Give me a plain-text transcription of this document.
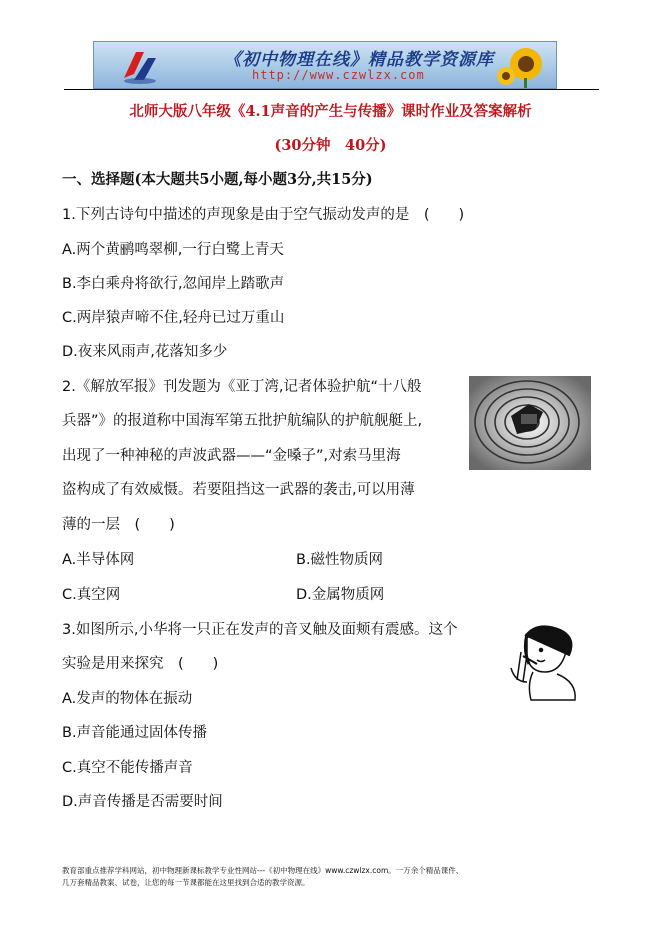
《初中物理在线》精品教学资源库
http://www.czwlzx.com
北师大版八年级《4.1声音的产生与传播》课时作业及答案解析
(30分钟　40分)
一、选择题(本大题共5小题,每小题3分,共15分)
1.下列古诗句中描述的声现象是由于空气振动发声的是　(　　)
A.两个黄鹂鸣翠柳,一行白鹭上青天
B.李白乘舟将欲行,忽闻岸上踏歌声
C.两岸猿声啼不住,轻舟已过万重山
D.夜来风雨声,花落知多少
2.《解放军报》刊发题为《亚丁湾,记者体验护航“十八般
兵器”》的报道称中国海军第五批护航编队的护航舰艇上,
出现了一种神秘的声波武器——“金嗓子”,对索马里海
盗构成了有效威慑。若要阻挡这一武器的袭击,可以用薄
薄的一层　(　　)
A.半导体网	B.磁性物质网
C.真空网	D.金属物质网
3.如图所示,小华将一只正在发声的音叉触及面颊有震感。这个
实验是用来探究　(　　)
A.发声的物体在振动
B.声音能通过固体传播
C.真空不能传播声音
D.声音传播是否需要时间
教育部重点推荐学科网站，初中物理新课标教学专业性网站---《初中物理在线》www.czwlzx.com。一万余个精品课件、
几万套精品教案、试卷，让您的每一节课都能在这里找到合适的教学资源。
